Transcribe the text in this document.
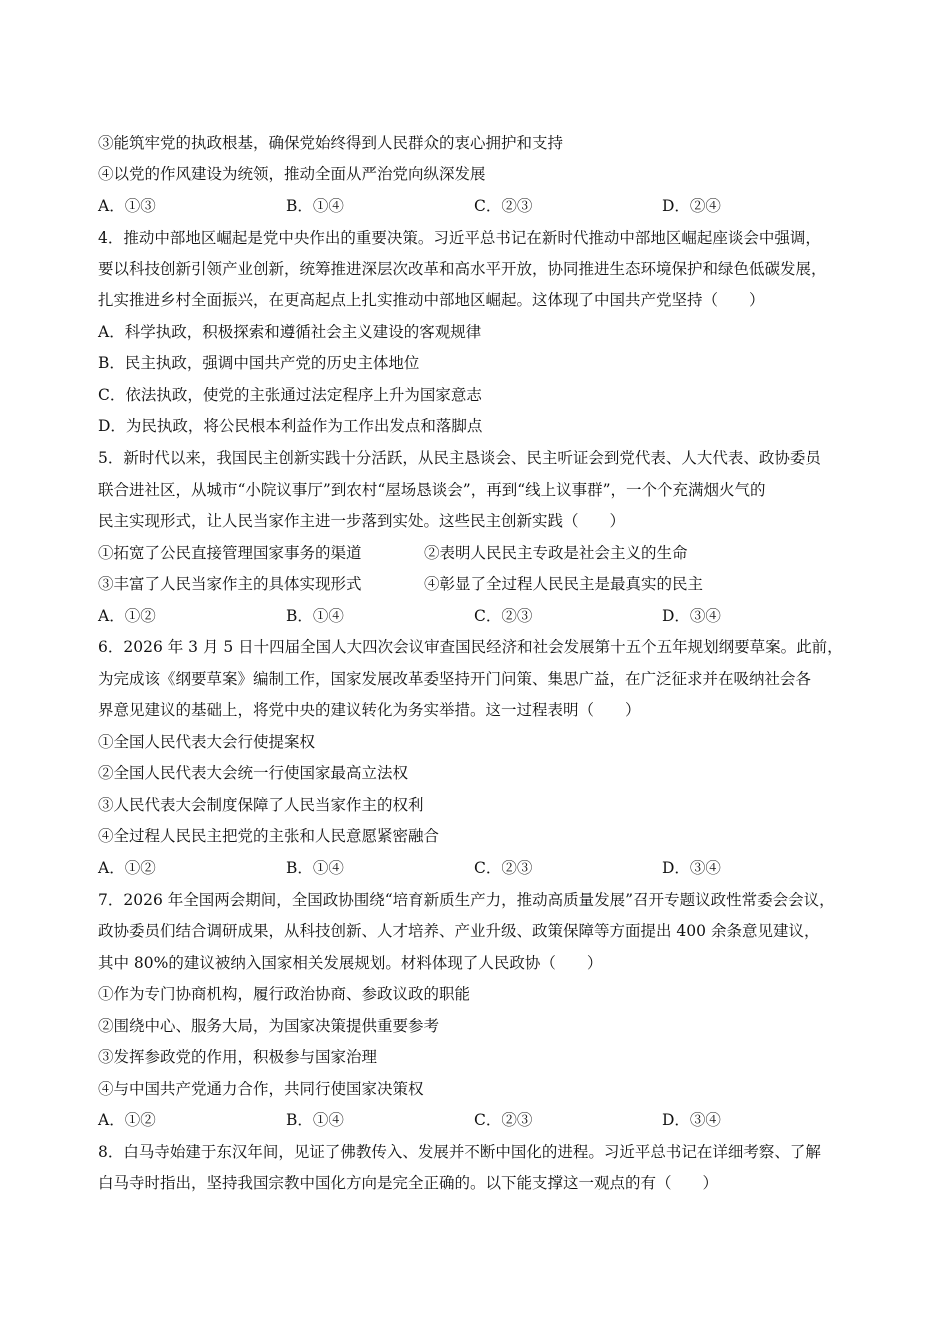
③能筑牢党的执政根基，确保党始终得到人民群众的衷心拥护和支持
④以党的作风建设为统领，推动全面从严治党向纵深发展
A．①③	B．①④	C．②③	D．②④
4．推动中部地区崛起是党中央作出的重要决策。习近平总书记在新时代推动中部地区崛起座谈会中强调，
要以科技创新引领产业创新，统筹推进深层次改革和高水平开放，协同推进生态环境保护和绿色低碳发展，
扎实推进乡村全面振兴，在更高起点上扎实推动中部地区崛起。这体现了中国共产党坚持（　　）
A．科学执政，积极探索和遵循社会主义建设的客观规律
B．民主执政，强调中国共产党的历史主体地位
C．依法执政，使党的主张通过法定程序上升为国家意志
D．为民执政，将公民根本利益作为工作出发点和落脚点
5．新时代以来，我国民主创新实践十分活跃，从民主恳谈会、民主听证会到党代表、人大代表、政协委员
联合进社区，从城市“小院议事厅”到农村“屋场恳谈会”，再到“线上议事群”，一个个充满烟火气的
民主实现形式，让人民当家作主进一步落到实处。这些民主创新实践（　　）
①拓宽了公民直接管理国家事务的渠道	②表明人民民主专政是社会主义的生命
③丰富了人民当家作主的具体实现形式	④彰显了全过程人民民主是最真实的民主
A．①②	B．①④	C．②③	D．③④
6．2026 年 3 月 5 日十四届全国人大四次会议审查国民经济和社会发展第十五个五年规划纲要草案。此前，
为完成该《纲要草案》编制工作，国家发展改革委坚持开门问策、集思广益，在广泛征求并在吸纳社会各
界意见建议的基础上，将党中央的建议转化为务实举措。这一过程表明（　　）
①全国人民代表大会行使提案权
②全国人民代表大会统一行使国家最高立法权
③人民代表大会制度保障了人民当家作主的权利
④全过程人民民主把党的主张和人民意愿紧密融合
A．①②	B．①④	C．②③	D．③④
7．2026 年全国两会期间，全国政协围绕“培育新质生产力，推动高质量发展”召开专题议政性常委会会议，
政协委员们结合调研成果，从科技创新、人才培养、产业升级、政策保障等方面提出 400 余条意见建议，
其中 80%的建议被纳入国家相关发展规划。材料体现了人民政协（　　）
①作为专门协商机构，履行政治协商、参政议政的职能
②围绕中心、服务大局，为国家决策提供重要参考
③发挥参政党的作用，积极参与国家治理
④与中国共产党通力合作，共同行使国家决策权
A．①②	B．①④	C．②③	D．③④
8．白马寺始建于东汉年间，见证了佛教传入、发展并不断中国化的进程。习近平总书记在详细考察、了解
白马寺时指出，坚持我国宗教中国化方向是完全正确的。以下能支撑这一观点的有（　　）
